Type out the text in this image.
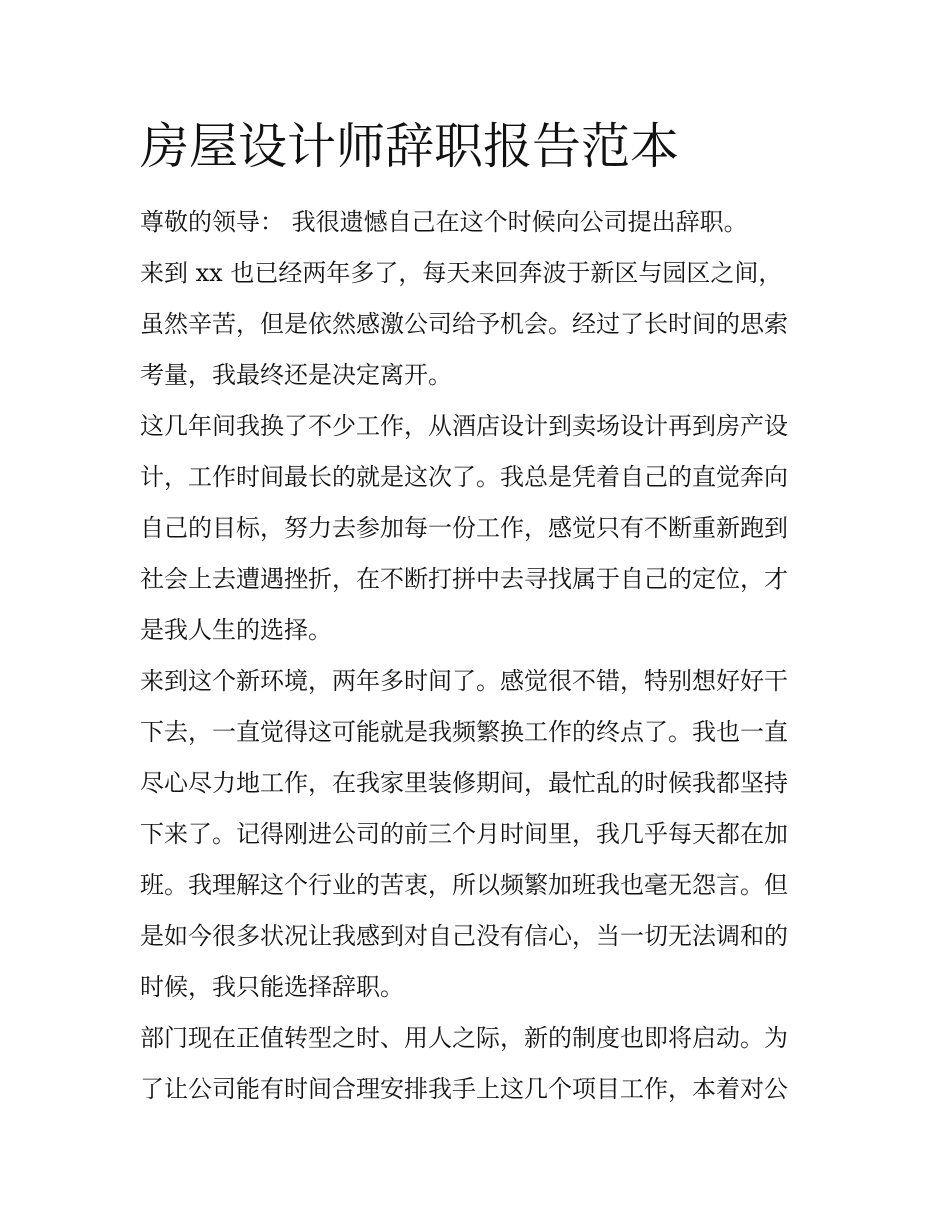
房屋设计师辞职报告范本

尊敬的领导： 我很遗憾自己在这个时候向公司提出辞职。

来到 xx 也已经两年多了，每天来回奔波于新区与园区之间，

虽然辛苦，但是依然感激公司给予机会。经过了长时间的思索

考量，我最终还是决定离开。

这几年间我换了不少工作，从酒店设计到卖场设计再到房产设

计，工作时间最长的就是这次了。我总是凭着自己的直觉奔向

自己的目标，努力去参加每一份工作，感觉只有不断重新跑到

社会上去遭遇挫折，在不断打拼中去寻找属于自己的定位，才

是我人生的选择。

来到这个新环境，两年多时间了。感觉很不错，特别想好好干

下去，一直觉得这可能就是我频繁换工作的终点了。我也一直

尽心尽力地工作，在我家里装修期间，最忙乱的时候我都坚持

下来了。记得刚进公司的前三个月时间里，我几乎每天都在加

班。我理解这个行业的苦衷，所以频繁加班我也毫无怨言。但

是如今很多状况让我感到对自己没有信心，当一切无法调和的

时候，我只能选择辞职。

部门现在正值转型之时、用人之际，新的制度也即将启动。为

了让公司能有时间合理安排我手上这几个项目工作，本着对公
